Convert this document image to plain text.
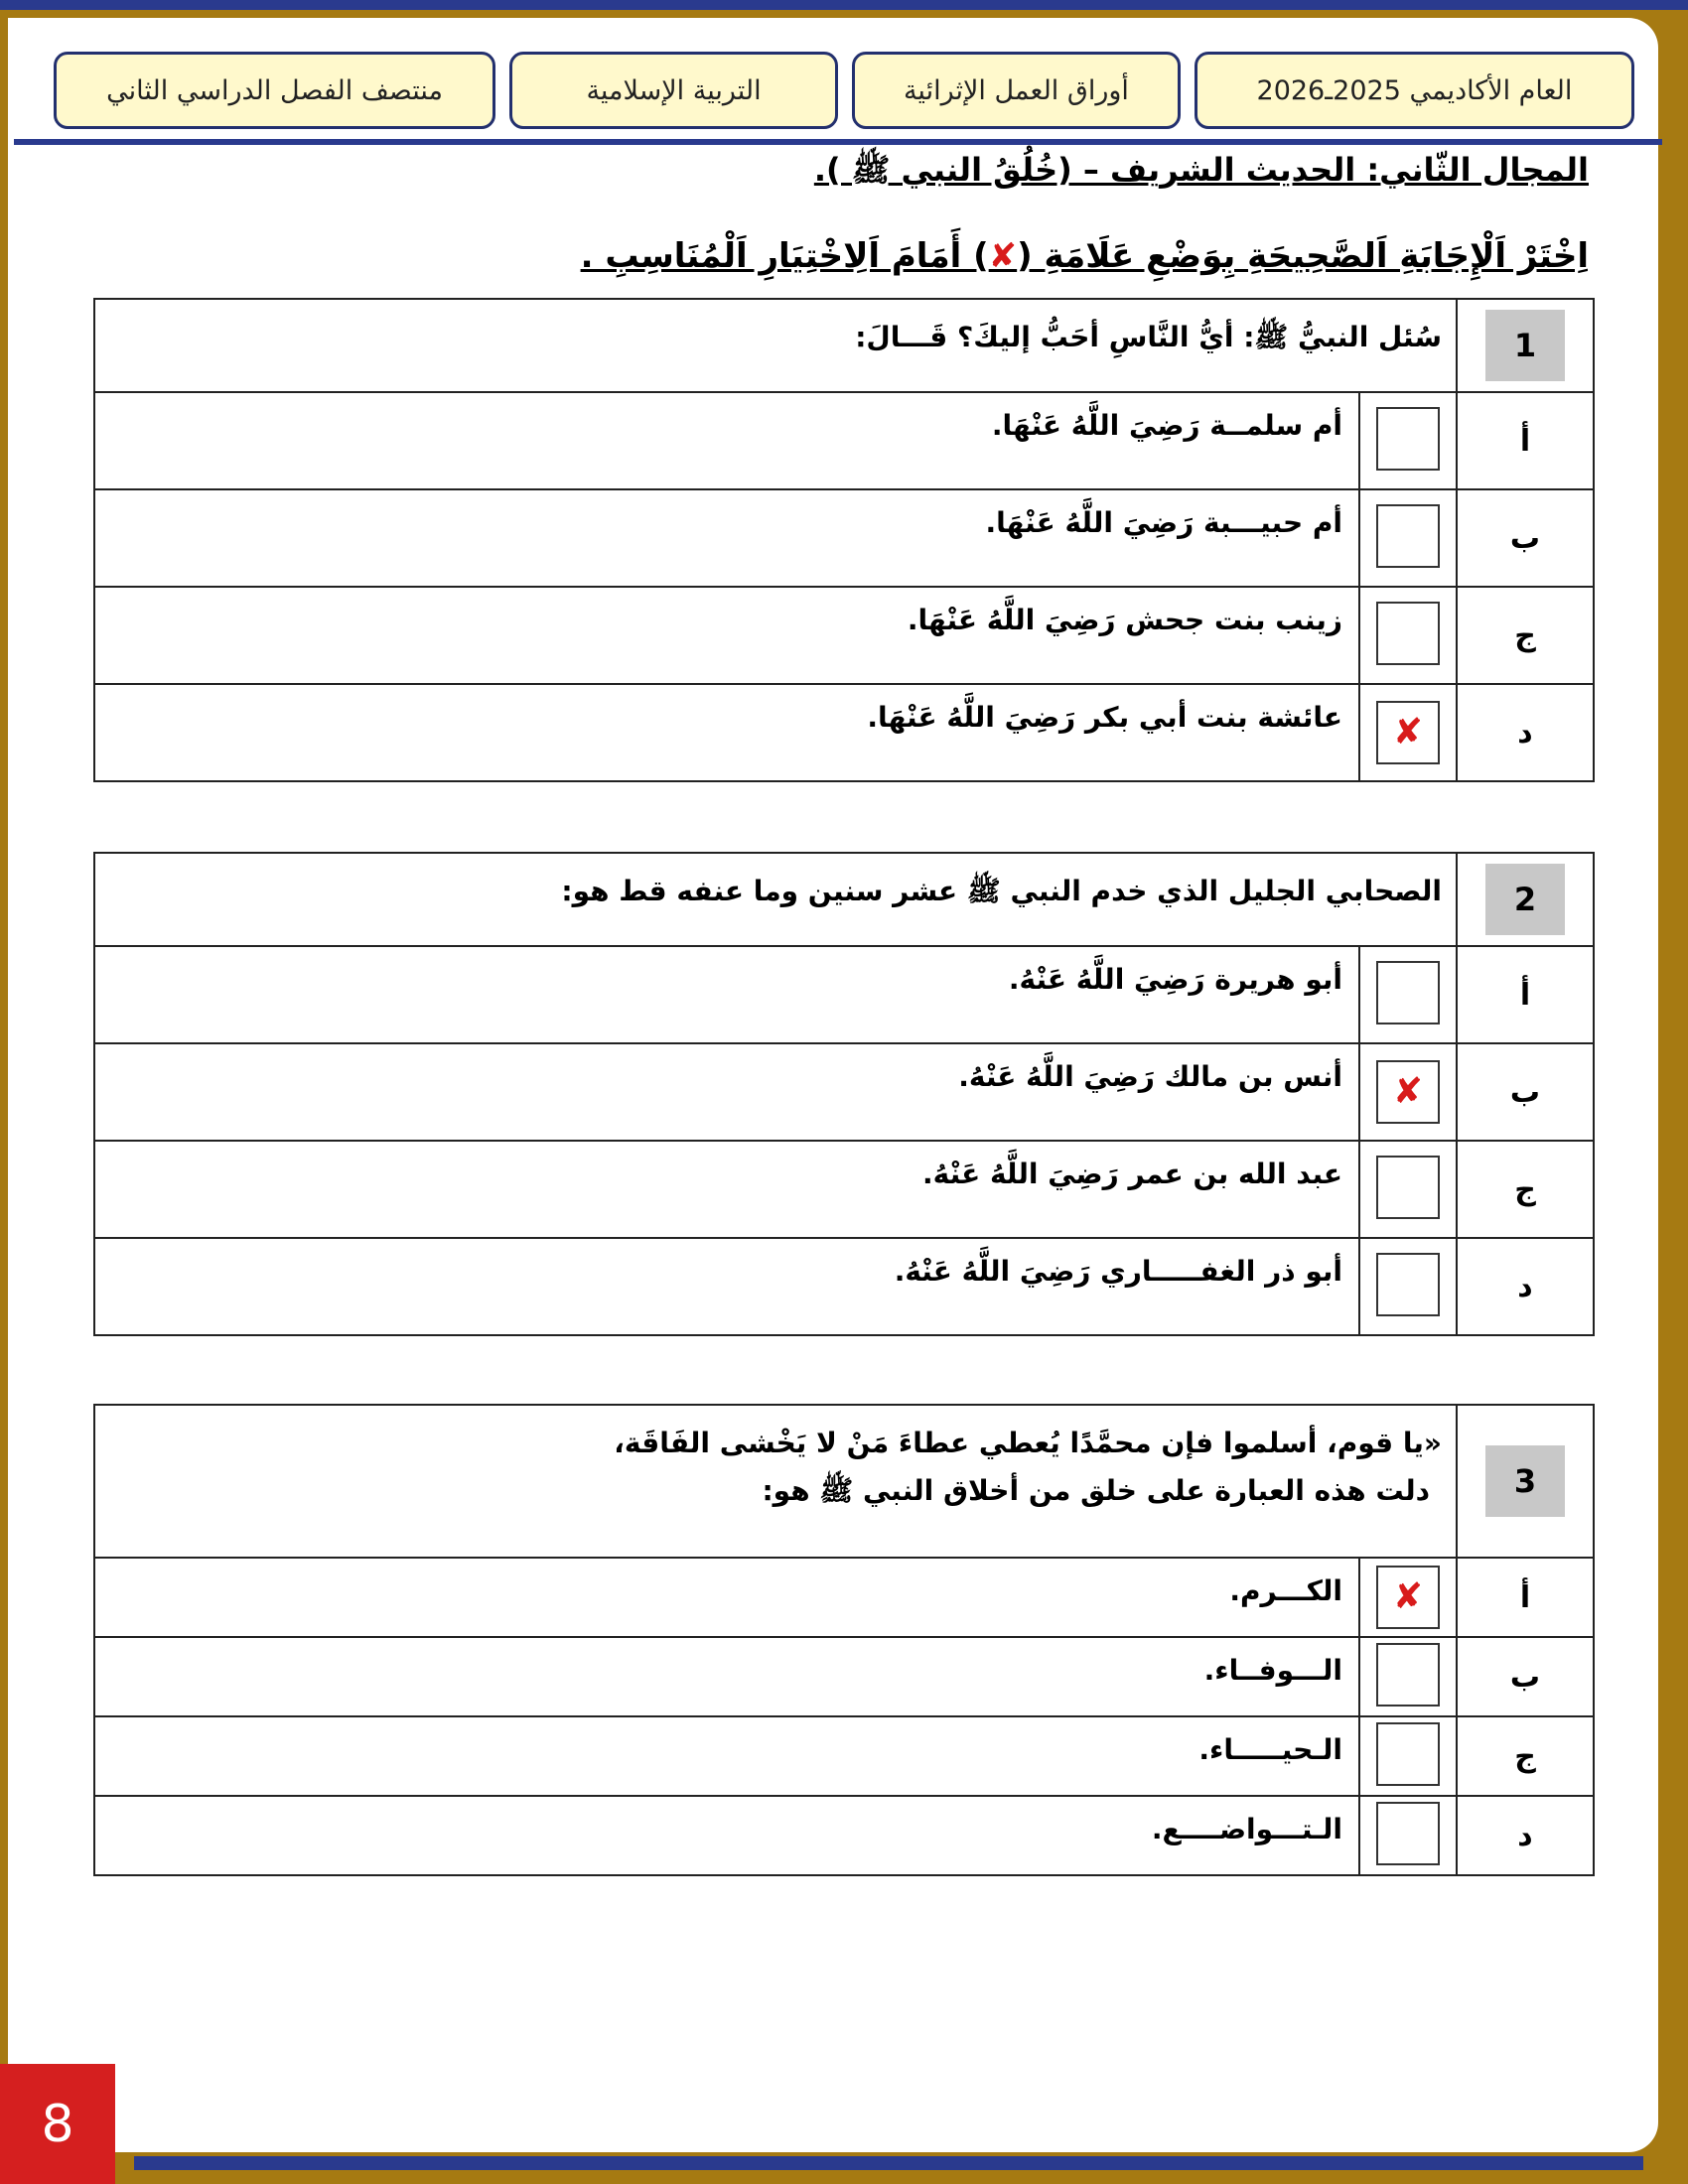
العام الأكاديمي 2025ـ2026
أوراق العمل الإثرائية
التربية الإسلامية
منتصف الفصل الدراسي الثاني
المجال الثّاني: الحديث الشريف – (خُلُقُ النبي ﷺ ).
اِخْتَرْ اَلْإِجَابَةِ اَلصَّحِيحَةِ بِوَضْعِ عَلَامَةِ (✘) أَمَامَ اَلِاخْتِيَارِ اَلْمُنَاسِبِ .
1	سُئل النبيُّ ﷺ: أيُّ النَّاسِ أحَبُّ إليكَ؟ قَـــالَ:	

أ		أم سلمــة رَضِيَ اللَّهُ عَنْهَا.
ب		أم حبيـــبة رَضِيَ اللَّهُ عَنْهَا.
ج		زينب بنت جحش رَضِيَ اللَّهُ عَنْهَا.
د	✘	عائشة بنت أبي بكر رَضِيَ اللَّهُ عَنْهَا.
2	الصحابي الجليل الذي خدم النبي ﷺ عشر سنين وما عنفه قط هو:	

أ		أبو هريرة رَضِيَ اللَّهُ عَنْهُ.
ب	✘	أنس بن مالك رَضِيَ اللَّهُ عَنْهُ.
ج		عبد الله بن عمر رَضِيَ اللَّهُ عَنْهُ.
د		أبو ذر الغفـــــاري رَضِيَ اللَّهُ عَنْهُ.
3	«يا قوم، أسلموا فإن محمَّدًا يُعطي عطاءَ مَنْ لا يَخْشى الفَاقَة،
دلت هذه العبارة على خلق من أخلاق النبي ﷺ هو:	

أ	✘	الكـــرم.
ب		الـــوفــاء.
ج		الـحيـــــاء.
د		الـتـــواضــــع.
8
